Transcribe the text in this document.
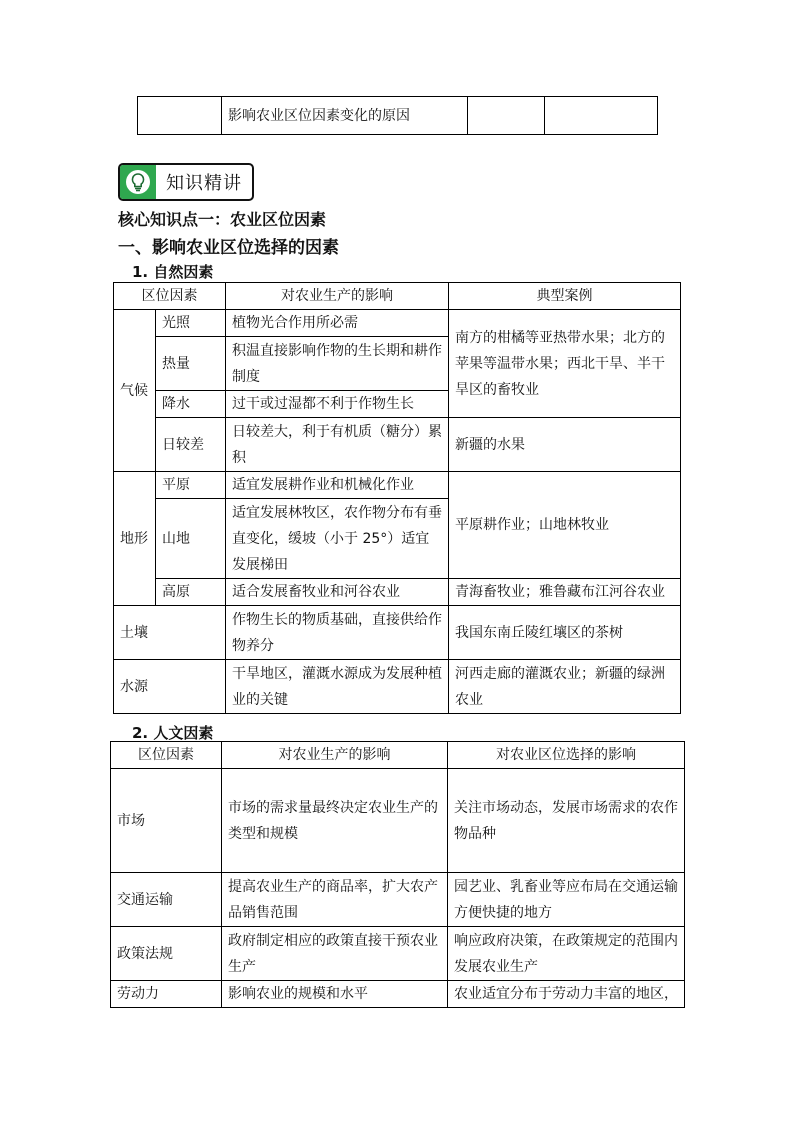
	影响农业区位因素变化的原因		
知识精讲
核心知识点一：农业区位因素
一、影响农业区位选择的因素
1. 自然因素
区位因素		对农业生产的影响	典型案例
气候	光照	植物光合作用所必需	南方的柑橘等亚热带水果；北方的苹果等温带水果；西北干旱、半干旱区的畜牧业
	热量	积温直接影响作物的生长期和耕作制度	
	降水	过干或过湿都不利于作物生长	
	日较差	日较差大，利于有机质（糖分）累积	新疆的水果
地形	平原	适宜发展耕作业和机械化作业	平原耕作业；山地林牧业
	山地	适宜发展林牧区，农作物分布有垂直变化，缓坡（小于 25°）适宜发展梯田	
	高原	适合发展畜牧业和河谷农业	青海畜牧业；雅鲁藏布江河谷农业
土壤		作物生长的物质基础，直接供给作物养分	我国东南丘陵红壤区的茶树
水源		干旱地区，灌溉水源成为发展种植业的关键	河西走廊的灌溉农业；新疆的绿洲农业
2. 人文因素
区位因素	对农业生产的影响	对农业区位选择的影响
市场	市场的需求量最终决定农业生产的类型和规模	关注市场动态，发展市场需求的农作物品种
交通运输	提高农业生产的商品率，扩大农产品销售范围	园艺业、乳畜业等应布局在交通运输方便快捷的地方
政策法规	政府制定相应的政策直接干预农业生产	响应政府决策，在政策规定的范围内发展农业生产
劳动力	影响农业的规模和水平	农业适宜分布于劳动力丰富的地区，
